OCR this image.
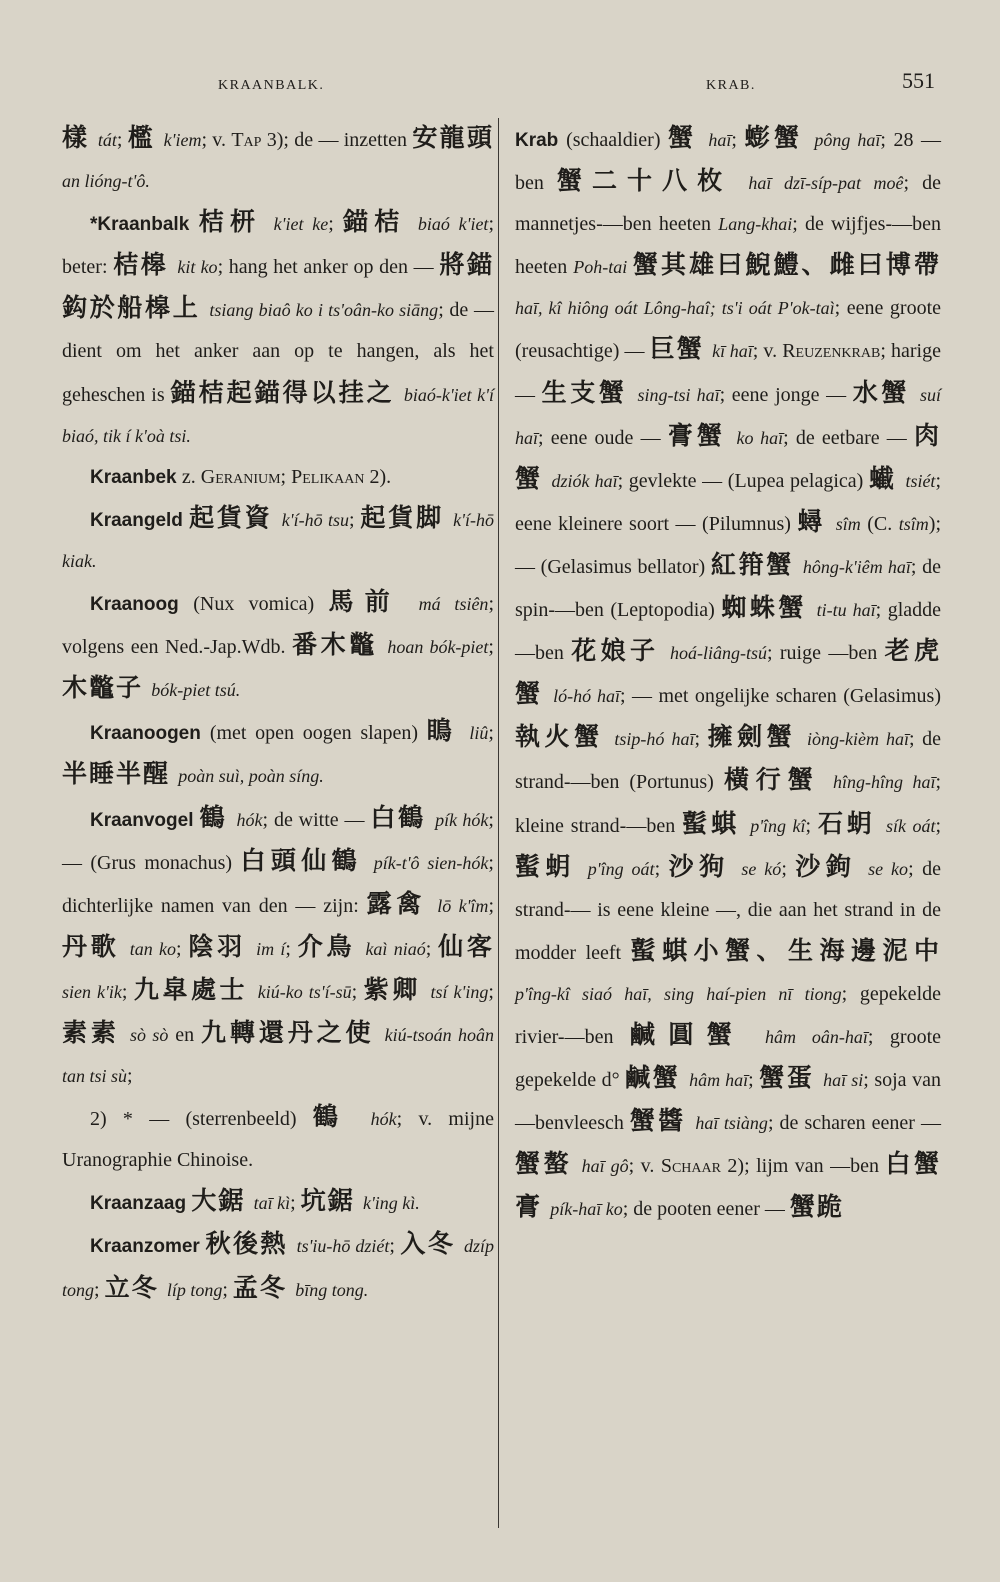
KRAANBALK.	KRAB.	551

樣 tát; 檻 k'iem; v. Tap 3); de — inzetten 安龍頭 an lióng-t'ô.

*Kraanbalk 桔枅 k'iet ke; 錨桔 biaó k'iet; beter: 桔槔 kit ko; hang het anker op den — 將錨鈎於船槔上 tsiang biaô ko i ts'oân-ko siāng; de — dient om het anker aan op te hangen, als het geheschen is 錨桔起錨得以挂之 biaó-k'iet k'í biaó, tik í k'oà tsi.

Kraanbek z. Geranium; Pelikaan 2).

Kraangeld 起貨資 k'í-hō tsu; 起貨脚 k'í-hō kiak.

Kraanoog (Nux vomica) 馬前 má tsiên; volgens een Ned.-Jap.Wdb. 番木鼈 hoan bók-piet; 木鼈子 bók-piet tsú.

Kraanoogen (met open oogen slapen) 瞗 liû; 半睡半醒 poàn suì, poàn síng.

Kraanvogel 鶴 hók; de witte — 白鶴 pík hók; — (Grus monachus) 白頭仙鶴 pík-t'ô sien-hók; dichterlijke namen van den — zijn: 露禽 lō k'îm; 丹歌 tan ko; 陰羽 im í; 介鳥 kaì niaó; 仙客 sien k'ik; 九皐處士 kiú-ko ts'í-sū; 紫卿 tsí k'ing; 素素 sò sò en 九轉還丹之使 kiú-tsoán hoân tan tsi sù;

2) * — (sterrenbeeld) 鶴 hók; v. mijne Uranographie Chinoise.

Kraanzaag 大鋸 taī kì; 坑鋸 k'ing kì.

Kraanzomer 秋後熱 ts'iu-hō dziét; 入冬 dzíp tong; 立冬 líp tong; 孟冬 bīng tong.

Krab (schaaldier) 蟹 haī; 蟛蟹 pông haī; 28 —ben 蟹二十八枚 haī dzī-síp-pat moê; de mannetjes-—ben heeten Lang-khai; de wijfjes-—ben heeten Poh-tai 蟹其雄曰鯢鱧、雌曰博帶 haī, kî hiông oát Lông-haî; ts'i oát P'ok-taì; eene groote (reusachtige) — 巨蟹 kī haī; v. Reuzenkrab; harige — 生支蟹 sing-tsi haī; eene jonge — 水蟹 suí haī; eene oude — 膏蟹 ko haī; de eetbare — 肉蟹 dziók haī; gevlekte — (Lupea pelagica) 蠘 tsiét; eene kleinere soort — (Pilumnus) 蟳 sîm (C. tsîm); — (Gelasimus bellator) 紅箝蟹 hông-k'iêm haī; de spin-—ben (Leptopodia) 蜘蛛蟹 ti-tu haī; gladde —ben 花娘子 hoá-liâng-tsú; ruige —ben 老虎蟹 ló-hó haī; — met ongelijke scharen (Gelasimus) 執火蟹 tsip-hó haī; 擁劍蟹 iòng-kièm haī; de strand-—ben (Portunus) 橫行蟹 hîng-hîng haī; kleine strand-—ben 蟚蜞 p'îng kî; 石蚏 sík oát; 蟚蚏 p'îng oát; 沙狗 se kó; 沙鉤 se ko; de strand-— is eene kleine —, die aan het strand in de modder leeft 蟚蜞小蟹、生海邊泥中 p'îng-kî siaó haī, sing haí-pien nī tiong; gepekelde rivier-—ben 鹹圓蟹 hâm oân-haī; groote gepekelde d° 鹹蟹 hâm haī; 蟹蛋 haī si; soja van —benvleesch 蟹醬 haī tsiàng; de scharen eener — 蟹螯 haī gô; v. Schaar 2); lijm van —ben 白蟹膏 pík-haī ko; de pooten eener — 蟹跪
